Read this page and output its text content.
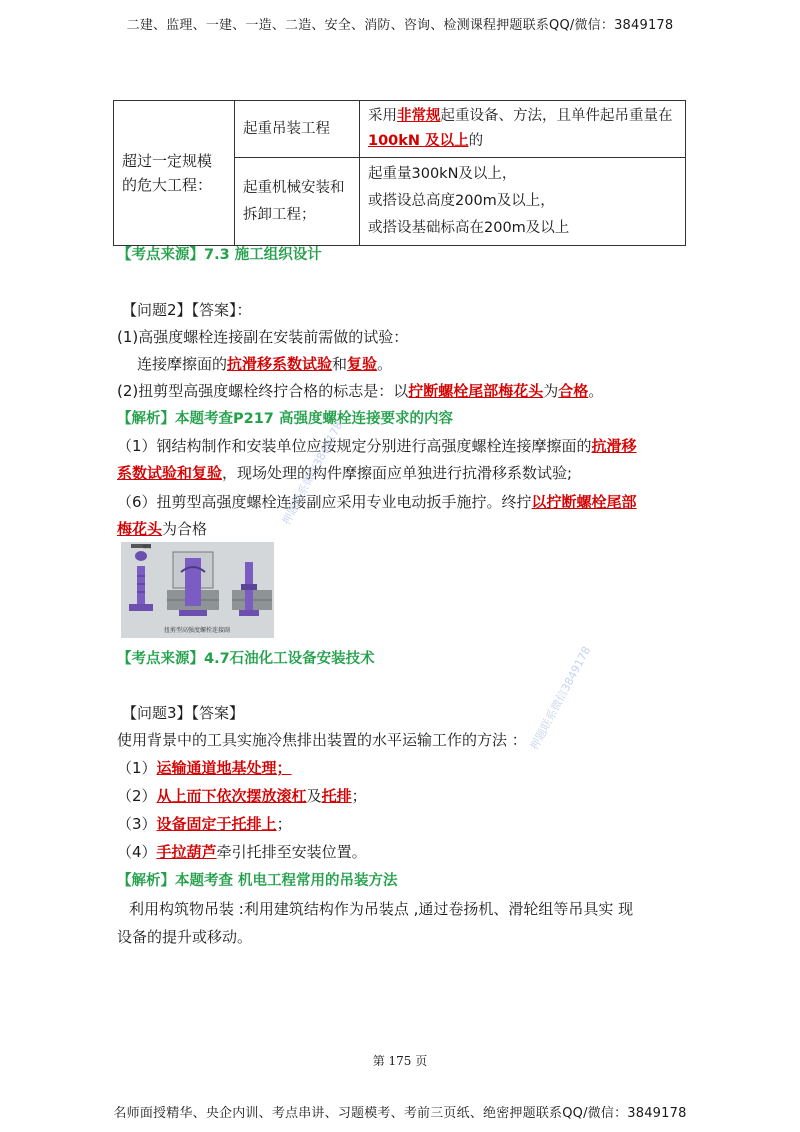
二建、监理、一建、一造、二造、安全、消防、咨询、检测课程押题联系QQ/微信：3849178
超过一定规模的危大工程：	起重吊装工程	采用非常规起重设备、方法，且单件起吊重量在 100kN 及以上的
	起重机械安装和拆卸工程；	起重量300kN及以上，
或搭设总高度200m及以上，
或搭设基础标高在200m及以上
【考点来源】7.3 施工组织设计
【问题2】【答案】：
(1)高强度螺栓连接副在安装前需做的试验：
连接摩擦面的抗滑移系数试验和复验。
(2)扭剪型高强度螺栓终拧合格的标志是：以拧断螺栓尾部梅花头为合格。
【解析】本题考查P217 高强度螺栓连接要求的内容
（1）钢结构制作和安装单位应按规定分别进行高强度螺栓连接摩擦面的抗滑移
系数试验和复验，现场处理的构件摩擦面应单独进行抗滑移系数试验;
（6）扭剪型高强度螺栓连接副应采用专业电动扳手施拧。终拧以拧断螺栓尾部
梅花头为合格
螺栓
扭剪型高强度螺栓连接副
【考点来源】4.7石油化工设备安装技术
【问题3】【答案】
使用背景中的工具实施冷焦排出装置的水平运输工作的方法 ：
（1）运输通道地基处理；
（2）从上而下依次摆放滚杠及托排；
（3）设备固定于托排上；
（4）手拉葫芦牵引托排至安装位置。
【解析】本题考查 机电工程常用的吊装方法
利用构筑物吊装 :利用建筑结构作为吊装点 ,通过卷扬机、滑轮组等吊具实 现
设备的提升或移动。
押题联系微信3849178
押题联系微信3849178
第 175 页
名师面授精华、央企内训、考点串讲、习题模考、考前三页纸、绝密押题联系QQ/微信：3849178
